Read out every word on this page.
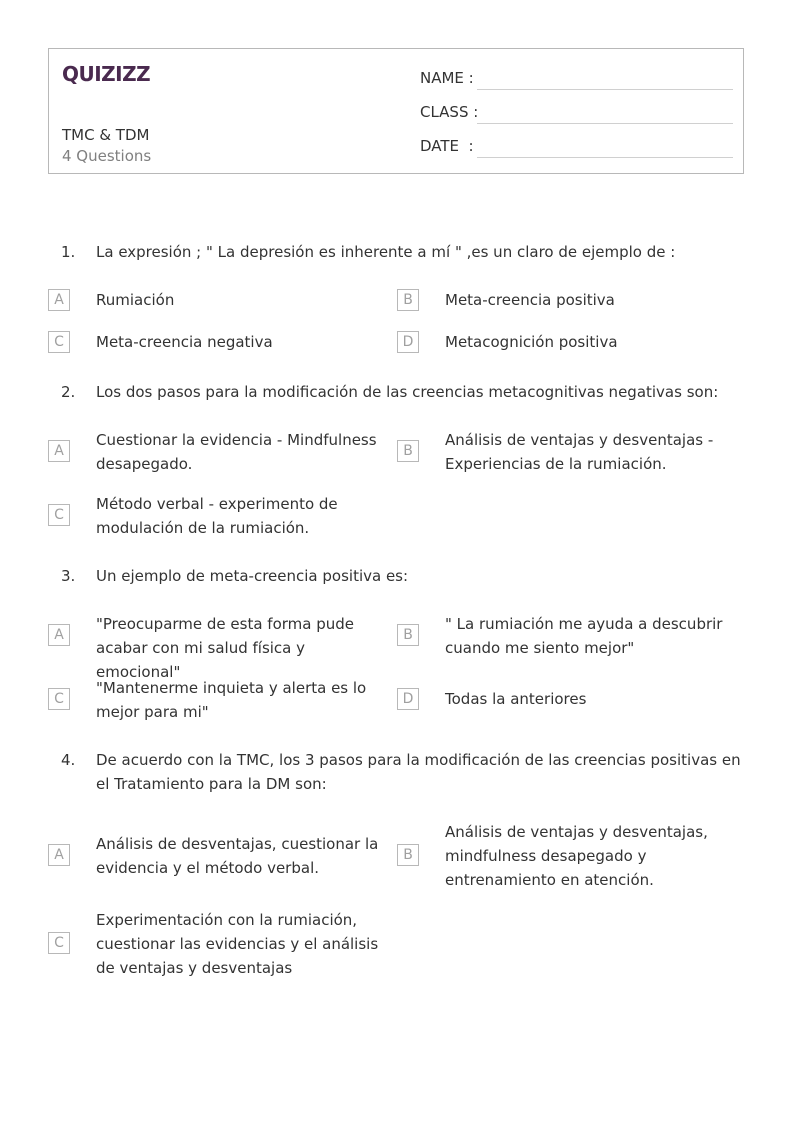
QUIZIZZ
TMC & TDM
4 Questions
NAME :
CLASS :
DATE  :
1. La expresión ; " La depresión es inherente a mí " ,es un claro de ejemplo de :
A	Rumiación	B	Meta-creencia positiva
C	Meta-creencia negativa	D	Metacognición positiva
2. Los dos pasos para la modificación de las creencias metacognitivas negativas son:
A
Cuestionar la evidencia - Mindfulness desapegado.
B
Análisis de ventajas y desventajas - Experiencias de la rumiación.
C
Método verbal - experimento de modulación de la rumiación.
3. Un ejemplo de meta-creencia positiva es:
A
"Preocuparme de esta forma pude acabar con mi salud física y emocional"
B
" La rumiación me ayuda a descubrir cuando me siento mejor"
C
"Mantenerme inquieta y alerta es lo mejor para mi"
D	Todas la anteriores
4. De acuerdo con la TMC, los 3 pasos para la modificación de las creencias positivas en el Tratamiento para la DM son:
A
Análisis de desventajas, cuestionar la evidencia y el método verbal.
B
Análisis de ventajas y desventajas, mindfulness desapegado y entrenamiento en atención.
C
Experimentación con la rumiación, cuestionar las evidencias y el análisis de ventajas y desventajas
